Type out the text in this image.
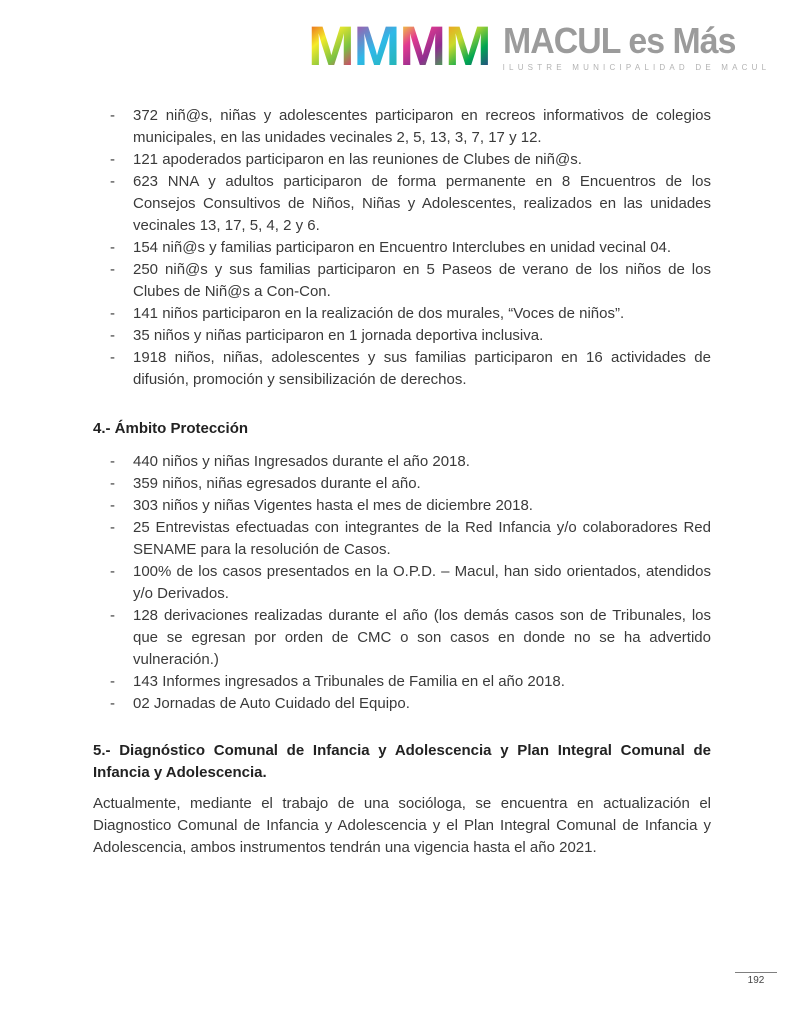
M M M M MACUL es Más
ILUSTRE MUNICIPALIDAD DE MACUL
-	372 niñ@s, niñas y adolescentes participaron en recreos informativos de colegios municipales, en las unidades vecinales 2, 5, 13, 3, 7, 17 y 12.
-	121 apoderados participaron en las reuniones de Clubes de niñ@s.
-	623 NNA y adultos participaron de forma permanente en 8 Encuentros de los Consejos Consultivos de Niños, Niñas y Adolescentes, realizados en las unidades vecinales 13, 17, 5, 4, 2 y 6.
-	154 niñ@s y familias participaron en Encuentro Interclubes en unidad vecinal 04.
-	250 niñ@s y sus familias participaron en 5 Paseos de verano de los niños de los Clubes de Niñ@s a Con-Con.
-	141 niños participaron en la realización de dos murales, “Voces de niños”.
-	35 niños y niñas participaron en 1 jornada deportiva inclusiva.
-	1918 niños, niñas, adolescentes y sus familias participaron en 16 actividades de difusión, promoción y sensibilización de derechos.
4.- Ámbito Protección
-	440 niños y niñas Ingresados durante el año 2018.
-	359 niños, niñas egresados durante el año.
-	303 niños y niñas Vigentes hasta el mes de diciembre 2018.
-	25 Entrevistas efectuadas con integrantes de la Red Infancia y/o colaboradores Red SENAME para la resolución de Casos.
-	100% de los casos presentados en la O.P.D. – Macul, han sido orientados, atendidos y/o Derivados.
-	128 derivaciones realizadas durante el año (los demás casos son de Tribunales, los que se egresan por orden de CMC o son casos en donde no se ha advertido vulneración.)
-	143 Informes ingresados a Tribunales de Familia en el año 2018.
-	02 Jornadas de Auto Cuidado del Equipo.
5.- Diagnóstico Comunal de Infancia y Adolescencia y Plan Integral Comunal de Infancia y Adolescencia.
Actualmente, mediante el trabajo de una socióloga, se encuentra en actualización el Diagnostico Comunal de Infancia y Adolescencia y el Plan Integral Comunal de Infancia y Adolescencia, ambos instrumentos tendrán una vigencia hasta el año 2021.
192
